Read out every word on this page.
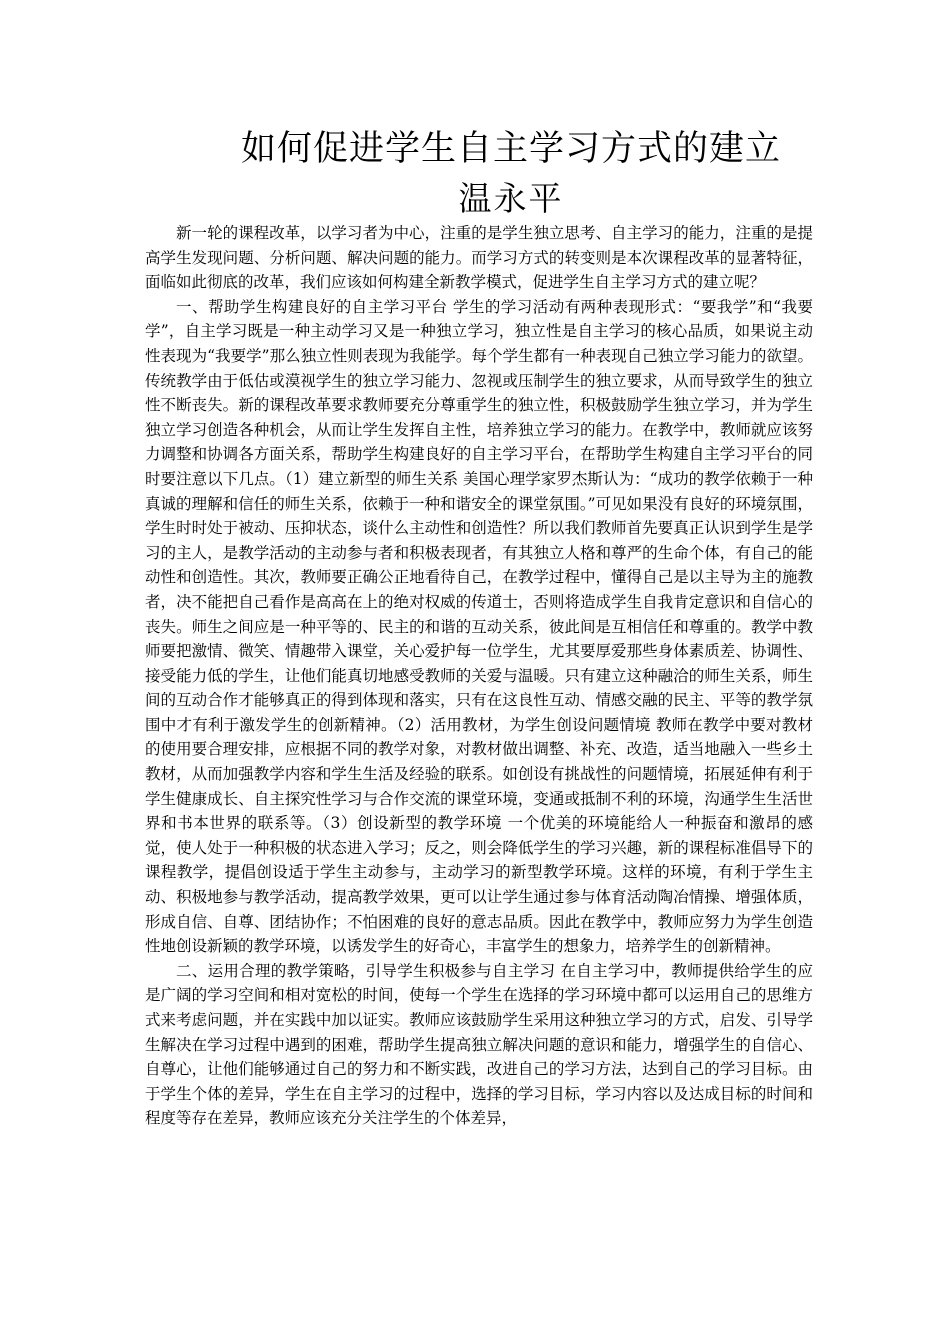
如何促进学生自主学习方式的建立
温永平

新一轮的课程改革，以学习者为中心，注重的是学生独立思考、自主学习的能力，注重的是提高学生发现问题、分析问题、解决问题的能力。而学习方式的转变则是本次课程改革的显著特征，面临如此彻底的改革，我们应该如何构建全新教学模式，促进学生自主学习方式的建立呢？

一、帮助学生构建良好的自主学习平台 学生的学习活动有两种表现形式：“要我学”和“我要学”，自主学习既是一种主动学习又是一种独立学习，独立性是自主学习的核心品质，如果说主动性表现为“我要学”那么独立性则表现为我能学。每个学生都有一种表现自己独立学习能力的欲望。传统教学由于低估或漠视学生的独立学习能力、忽视或压制学生的独立要求，从而导致学生的独立性不断丧失。新的课程改革要求教师要充分尊重学生的独立性，积极鼓励学生独立学习，并为学生独立学习创造各种机会，从而让学生发挥自主性，培养独立学习的能力。在教学中，教师就应该努力调整和协调各方面关系，帮助学生构建良好的自主学习平台，在帮助学生构建自主学习平台的同时要注意以下几点。（1）建立新型的师生关系 美国心理学家罗杰斯认为：“成功的教学依赖于一种真诚的理解和信任的师生关系，依赖于一种和谐安全的课堂氛围。”可见如果没有良好的环境氛围，学生时时处于被动、压抑状态，谈什么主动性和创造性？所以我们教师首先要真正认识到学生是学习的主人，是教学活动的主动参与者和积极表现者，有其独立人格和尊严的生命个体，有自己的能动性和创造性。其次，教师要正确公正地看待自己，在教学过程中，懂得自己是以主导为主的施教者，决不能把自己看作是高高在上的绝对权威的传道士，否则将造成学生自我肯定意识和自信心的丧失。师生之间应是一种平等的、民主的和谐的互动关系，彼此间是互相信任和尊重的。教学中教师要把激情、微笑、情趣带入课堂，关心爱护每一位学生，尤其要厚爱那些身体素质差、协调性、接受能力低的学生，让他们能真切地感受教师的关爱与温暖。只有建立这种融洽的师生关系，师生间的互动合作才能够真正的得到体现和落实，只有在这良性互动、情感交融的民主、平等的教学氛围中才有利于激发学生的创新精神。（2）活用教材，为学生创设问题情境 教师在教学中要对教材的使用要合理安排，应根据不同的教学对象，对教材做出调整、补充、改造，适当地融入一些乡土教材，从而加强教学内容和学生生活及经验的联系。如创设有挑战性的问题情境，拓展延伸有利于学生健康成长、自主探究性学习与合作交流的课堂环境，变通或抵制不利的环境，沟通学生生活世界和书本世界的联系等。（3）创设新型的教学环境 一个优美的环境能给人一种振奋和激昂的感觉，使人处于一种积极的状态进入学习；反之，则会降低学生的学习兴趣，新的课程标准倡导下的课程教学，提倡创设适于学生主动参与，主动学习的新型教学环境。这样的环境，有利于学生主动、积极地参与教学活动，提高教学效果，更可以让学生通过参与体育活动陶冶情操、增强体质，形成自信、自尊、团结协作；不怕困难的良好的意志品质。因此在教学中，教师应努力为学生创造性地创设新颖的教学环境，以诱发学生的好奇心，丰富学生的想象力，培养学生的创新精神。

二、运用合理的教学策略，引导学生积极参与自主学习 在自主学习中，教师提供给学生的应是广阔的学习空间和相对宽松的时间，使每一个学生在选择的学习环境中都可以运用自己的思维方式来考虑问题，并在实践中加以证实。教师应该鼓励学生采用这种独立学习的方式，启发、引导学生解决在学习过程中遇到的困难，帮助学生提高独立解决问题的意识和能力，增强学生的自信心、自尊心，让他们能够通过自己的努力和不断实践，改进自己的学习方法，达到自己的学习目标。由于学生个体的差异，学生在自主学习的过程中，选择的学习目标，学习内容以及达成目标的时间和程度等存在差异，教师应该充分关注学生的个体差异，
